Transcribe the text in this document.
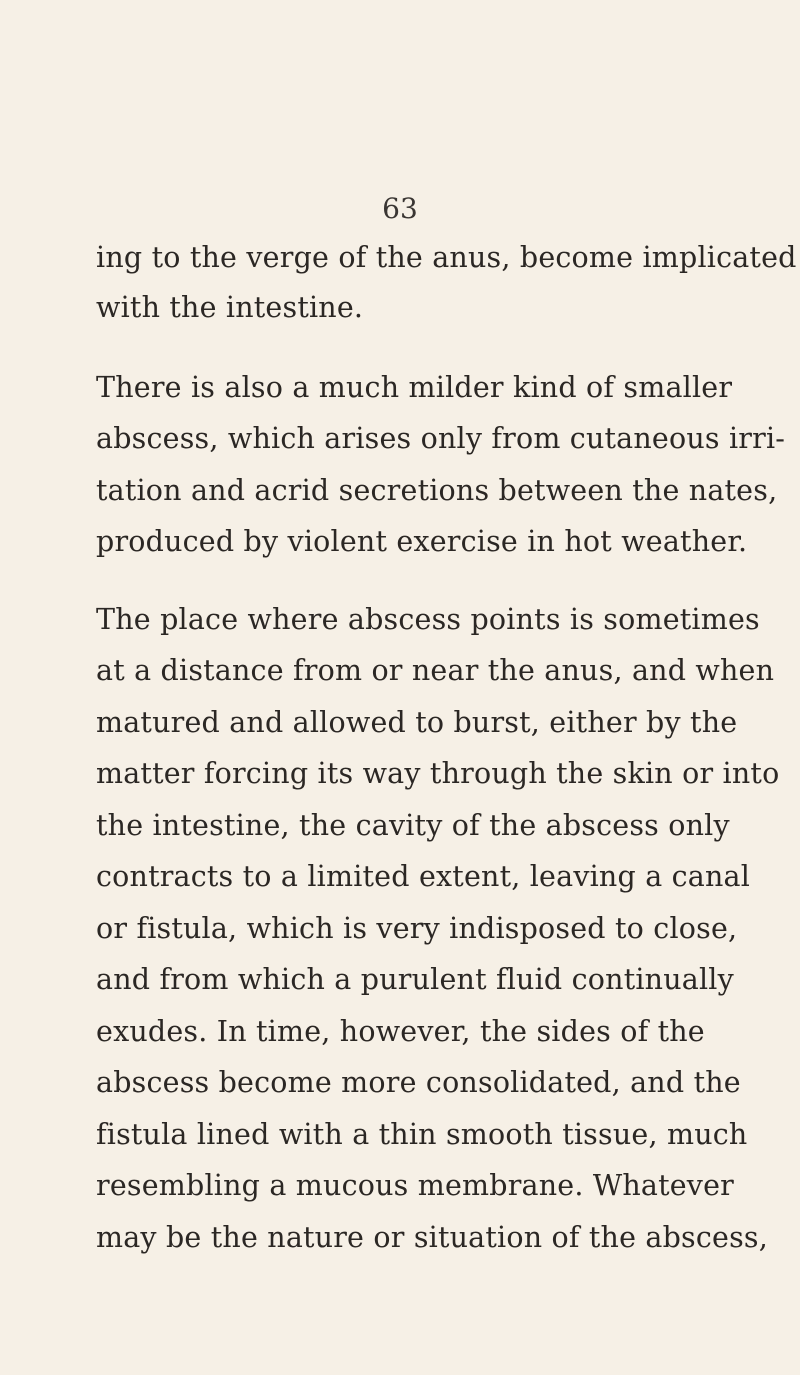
63
ing to the verge of the anus, become implicated
with the intestine.
There is also a much milder kind of smaller
abscess, which arises only from cutaneous irri-
tation and acrid secretions between the nates,
produced by violent exercise in hot weather.
The place where abscess points is sometimes
at a distance from or near the anus, and when
matured and allowed to burst, either by the
matter forcing its way through the skin or into
the intestine, the cavity of the abscess only
contracts to a limited extent, leaving a canal
or fistula, which is very indisposed to close,
and from which a purulent fluid continually
exudes. In time, however, the sides of the
abscess become more consolidated, and the
fistula lined with a thin smooth tissue, much
resembling a mucous membrane. Whatever
may be the nature or situation of the abscess,
